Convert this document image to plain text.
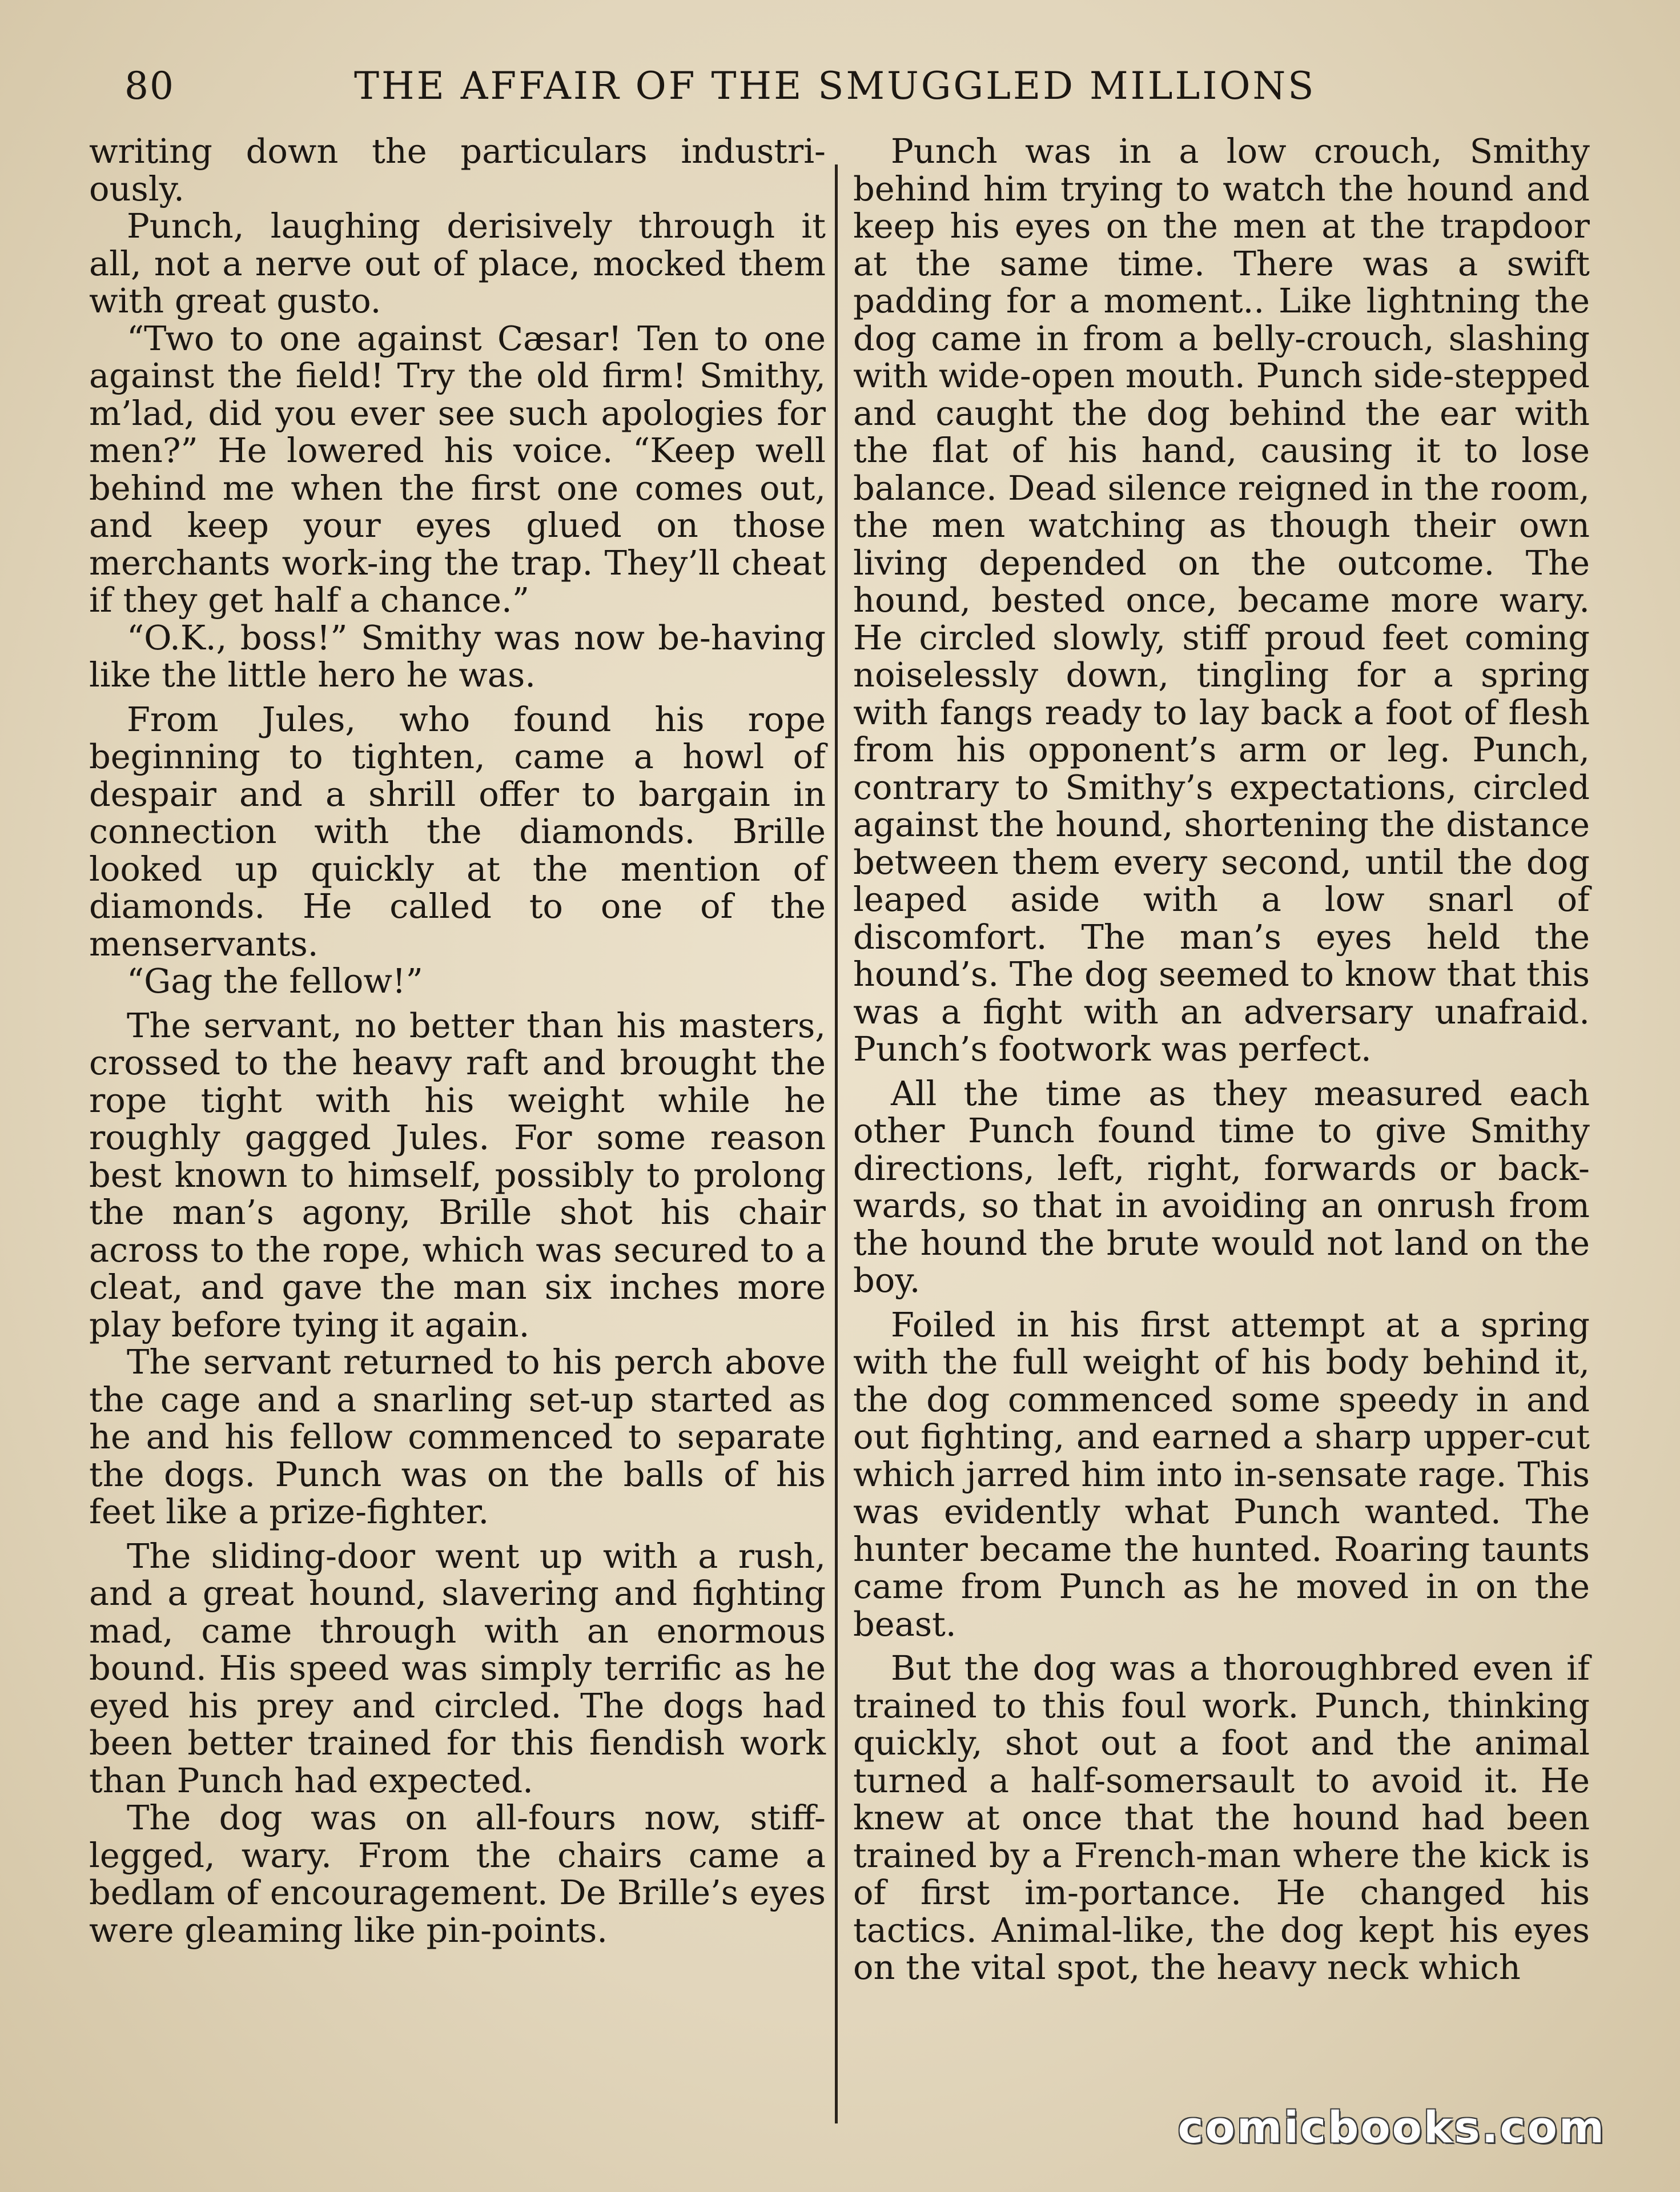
80	THE AFFAIR OF THE SMUGGLED MILLIONS

writing down the particulars industri-ously.

Punch, laughing derisively through it all, not a nerve out of place, mocked them with great gusto.

“Two to one against Cæsar! Ten to one against the field! Try the old firm! Smithy, m’lad, did you ever see such apologies for men?” He lowered his voice. “Keep well behind me when the first one comes out, and keep your eyes glued on those merchants work-ing the trap. They’ll cheat if they get half a chance.”

“O.K., boss!” Smithy was now be-having like the little hero he was.

From Jules, who found his rope beginning to tighten, came a howl of despair and a shrill offer to bargain in connection with the diamonds. Brille looked up quickly at the mention of diamonds. He called to one of the menservants.

“Gag the fellow!”

The servant, no better than his masters, crossed to the heavy raft and brought the rope tight with his weight while he roughly gagged Jules. For some reason best known to himself, possibly to prolong the man’s agony, Brille shot his chair across to the rope, which was secured to a cleat, and gave the man six inches more play before tying it again.

The servant returned to his perch above the cage and a snarling set-up started as he and his fellow commenced to separate the dogs. Punch was on the balls of his feet like a prize-fighter.

The sliding-door went up with a rush, and a great hound, slavering and fighting mad, came through with an enormous bound. His speed was simply terrific as he eyed his prey and circled. The dogs had been better trained for this fiendish work than Punch had expected.

The dog was on all-fours now, stiff-legged, wary. From the chairs came a bedlam of encouragement. De Brille’s eyes were gleaming like pin-points.

Punch was in a low crouch, Smithy behind him trying to watch the hound and keep his eyes on the men at the trapdoor at the same time. There was a swift padding for a moment.. Like lightning the dog came in from a belly-crouch, slashing with wide-open mouth. Punch side-stepped and caught the dog behind the ear with the flat of his hand, causing it to lose balance. Dead silence reigned in the room, the men watching as though their own living depended on the outcome. The hound, bested once, became more wary. He circled slowly, stiff proud feet coming noiselessly down, tingling for a spring with fangs ready to lay back a foot of flesh from his opponent’s arm or leg. Punch, contrary to Smithy’s expectations, circled against the hound, shortening the distance between them every second, until the dog leaped aside with a low snarl of discomfort. The man’s eyes held the hound’s. The dog seemed to know that this was a fight with an adversary unafraid. Punch’s footwork was perfect.

All the time as they measured each other Punch found time to give Smithy directions, left, right, forwards or back-wards, so that in avoiding an onrush from the hound the brute would not land on the boy.

Foiled in his first attempt at a spring with the full weight of his body behind it, the dog commenced some speedy in and out fighting, and earned a sharp upper-cut which jarred him into in-sensate rage. This was evidently what Punch wanted. The hunter became the hunted. Roaring taunts came from Punch as he moved in on the beast.

But the dog was a thoroughbred even if trained to this foul work. Punch, thinking quickly, shot out a foot and the animal turned a half-somersault to avoid it. He knew at once that the hound had been trained by a French-man where the kick is of first im-portance. He changed his tactics. Animal-like, the dog kept his eyes on the vital spot, the heavy neck which

comicbooks.com
